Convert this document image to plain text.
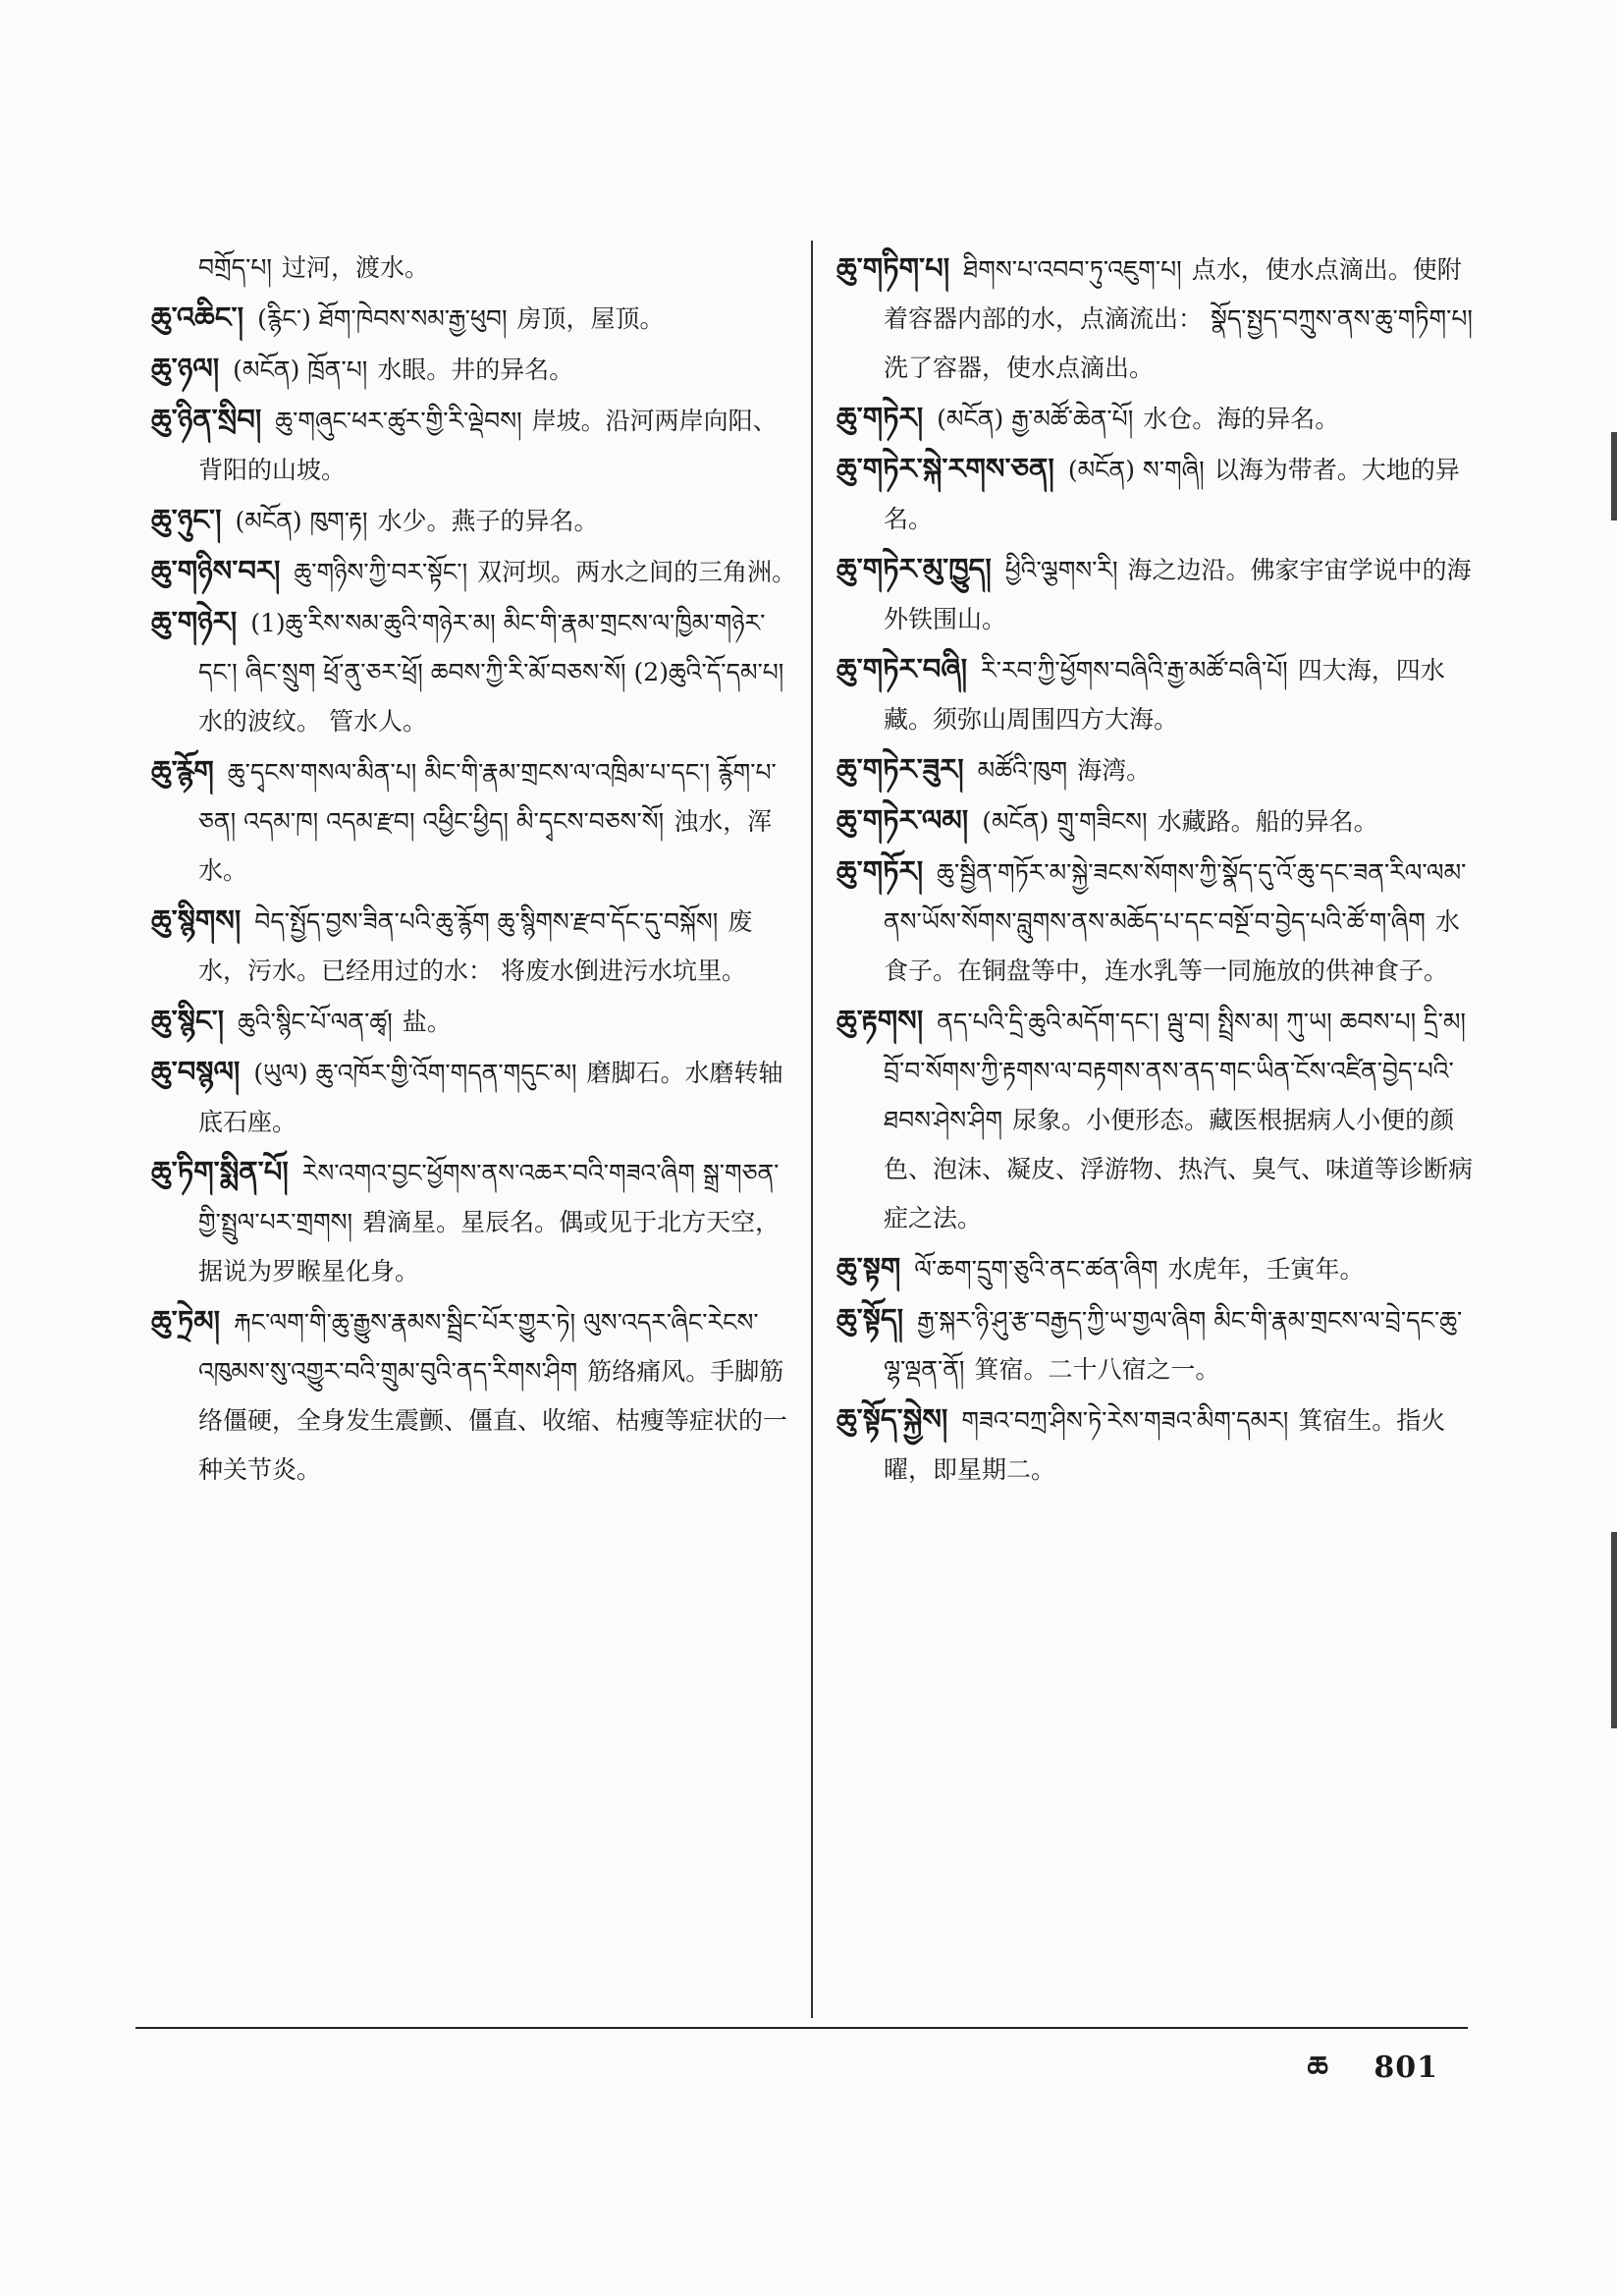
བགྲོད་པ། 过河，渡水。
ཆུ་འཆིང་། (རྙིང་) ཐོག་ཁེབས་སམ་རྒྱ་ཕུབ། 房顶，屋顶。
ཆུ་ཉལ། (མངོན) ཁྲོན་པ། 水眼。井的异名。
ཆུ་ཉིན་སྲིབ། ཆུ་གཞུང་ཕར་ཚུར་གྱི་རི་ལྡེབས། 岸坡。沿河两岸向阳、背阳的山坡。
ཆུ་ཉུང་། (མངོན) ཁུག་རྟ། 水少。燕子的异名。
ཆུ་གཉིས་བར། ཆུ་གཉིས་ཀྱི་བར་སྟོང་། 双河坝。两水之间的三角洲。
ཆུ་གཉེར། (1)ཆུ་རིས་སམ་ཆུའི་གཉེར་མ། མིང་གི་རྣམ་གྲངས་ལ་ཁྱིམ་གཉེར་དང་། ཞིང་སྲུག ཕྲོ་ནུ་ཅར་ཕྲོ། ཆབས་ཀྱི་རི་མོ་བཅས་སོ། (2)ཆུའི་དོ་དམ་པ།水的波纹。 管水人。
ཆུ་རྙོག ཆུ་དྭངས་གསལ་མིན་པ། མིང་གི་རྣམ་གྲངས་ལ་འཁྲིམ་པ་དང་། རྙོག་པ་ཅན། འདམ་ཁ། འདམ་རྫབ། འཕྱིང་ཕྱིད། མི་དྭངས་བཅས་སོ། 浊水，浑水。
ཆུ་སྙིགས། བེད་སྤྱོད་བྱས་ཟིན་པའི་ཆུ་རྙོག ཆུ་སྙིགས་རྫབ་དོང་དུ་བསྐོས། 废水，污水。已经用过的水： 将废水倒进污水坑里。
ཆུ་སྙིང་། ཆུའི་སྙིང་པོ་ལན་ཚྭ། 盐。
ཆུ་བསྙལ། (ཡུལ) ཆུ་འཁོར་གྱི་འོག་གདན་གདུང་མ། 磨脚石。水磨转轴底石座。
ཆུ་ཏིག་སྨིན་པོ། རེས་འགའ་བྱང་ཕྱོགས་ནས་འཆར་བའི་གཟའ་ཞིག སྒྲ་གཅན་གྱི་སྤྲུལ་པར་གྲགས། 碧滴星。星辰名。偶或见于北方天空，据说为罗睺星化身。
ཆུ་ཏྲེམ། རྐང་ལག་གི་ཆུ་རྒྱུས་རྣམས་སྦྲིང་པོར་གྱུར་ཏེ། ལུས་འདར་ཞིང་རེངས་འཁུམས་སུ་འགྱུར་བའི་གྲུམ་བུའི་ནད་རིགས་ཤིག 筋络痛风。手脚筋络僵硬，全身发生震颤、僵直、收缩、枯瘦等症状的一种关节炎。
ཆུ་གཏིག་པ། ཐིགས་པ་འབབ་ཏུ་འཇུག་པ། 点水，使水点滴出。使附着容器内部的水，点滴流出： སྣོད་སྤྱད་བཀྲུས་ནས་ཆུ་གཏིག་པ། 洗了容器，使水点滴出。
ཆུ་གཏེར། (མངོན) རྒྱ་མཚོ་ཆེན་པོ། 水仓。海的异名。
ཆུ་གཏེར་སྐེ་རགས་ཅན། (མངོན) ས་གཞི། 以海为带者。大地的异名。
ཆུ་གཏེར་མུ་ཁྱུད། ཕྱིའི་ལྕགས་རི། 海之边沿。佛家宇宙学说中的海外铁围山。
ཆུ་གཏེར་བཞི། རི་རབ་ཀྱི་ཕྱོགས་བཞིའི་རྒྱ་མཚོ་བཞི་པོ། 四大海，四水藏。须弥山周围四方大海。
ཆུ་གཏེར་ཟུར། མཚོའི་ཁུག 海湾。
ཆུ་གཏེར་ལམ། (མངོན) གྲུ་གཟིངས། 水藏路。船的异名。
ཆུ་གཏོར། ཆུ་སྦྱིན་གཏོར་མ་སྐྱེ་ཟངས་སོགས་ཀྱི་སྣོད་དུ་འོ་ཆུ་དང་ཟན་རིལ་ལམ་ནས་ཡོས་སོགས་བླུགས་ནས་མཆོད་པ་དང་བསྔོ་བ་བྱེད་པའི་ཚོ་ག་ཞིག 水食子。在铜盘等中，连水乳等一同施放的供神食子。
ཆུ་རྟགས། ནད་པའི་དྲི་ཆུའི་མདོག་དང་། ལྦུ་བ། སྤྲིས་མ། ཀུ་ཡ། ཆབས་པ། དྲི་མ། བྲོ་བ་སོགས་ཀྱི་རྟགས་ལ་བརྟགས་ནས་ནད་གང་ཡིན་ངོས་འཛིན་བྱེད་པའི་ཐབས་ཤེས་ཤིག 尿象。小便形态。藏医根据病人小便的颜色、泡沫、凝皮、浮游物、热汽、臭气、味道等诊断病症之法。
ཆུ་སྟག ལོ་ཆག་དྲུག་ཅུའི་ནང་ཚན་ཞིག 水虎年，壬寅年。
ཆུ་སྟོད། རྒྱ་སྐར་ཉི་ཤུ་རྩ་བརྒྱད་ཀྱི་ཡ་གྱལ་ཞིག མིང་གི་རྣམ་གྲངས་ལ་བྲེ་དང་ཆུ་ལྷ་ལྡན་ནོ། 箕宿。二十八宿之一。
ཆུ་སྟོད་སྐྱེས། གཟའ་བཀྲ་ཤིས་ཏེ་རེས་གཟའ་མིག་དམར། 箕宿生。指火曜，即星期二。
ཆ 801
